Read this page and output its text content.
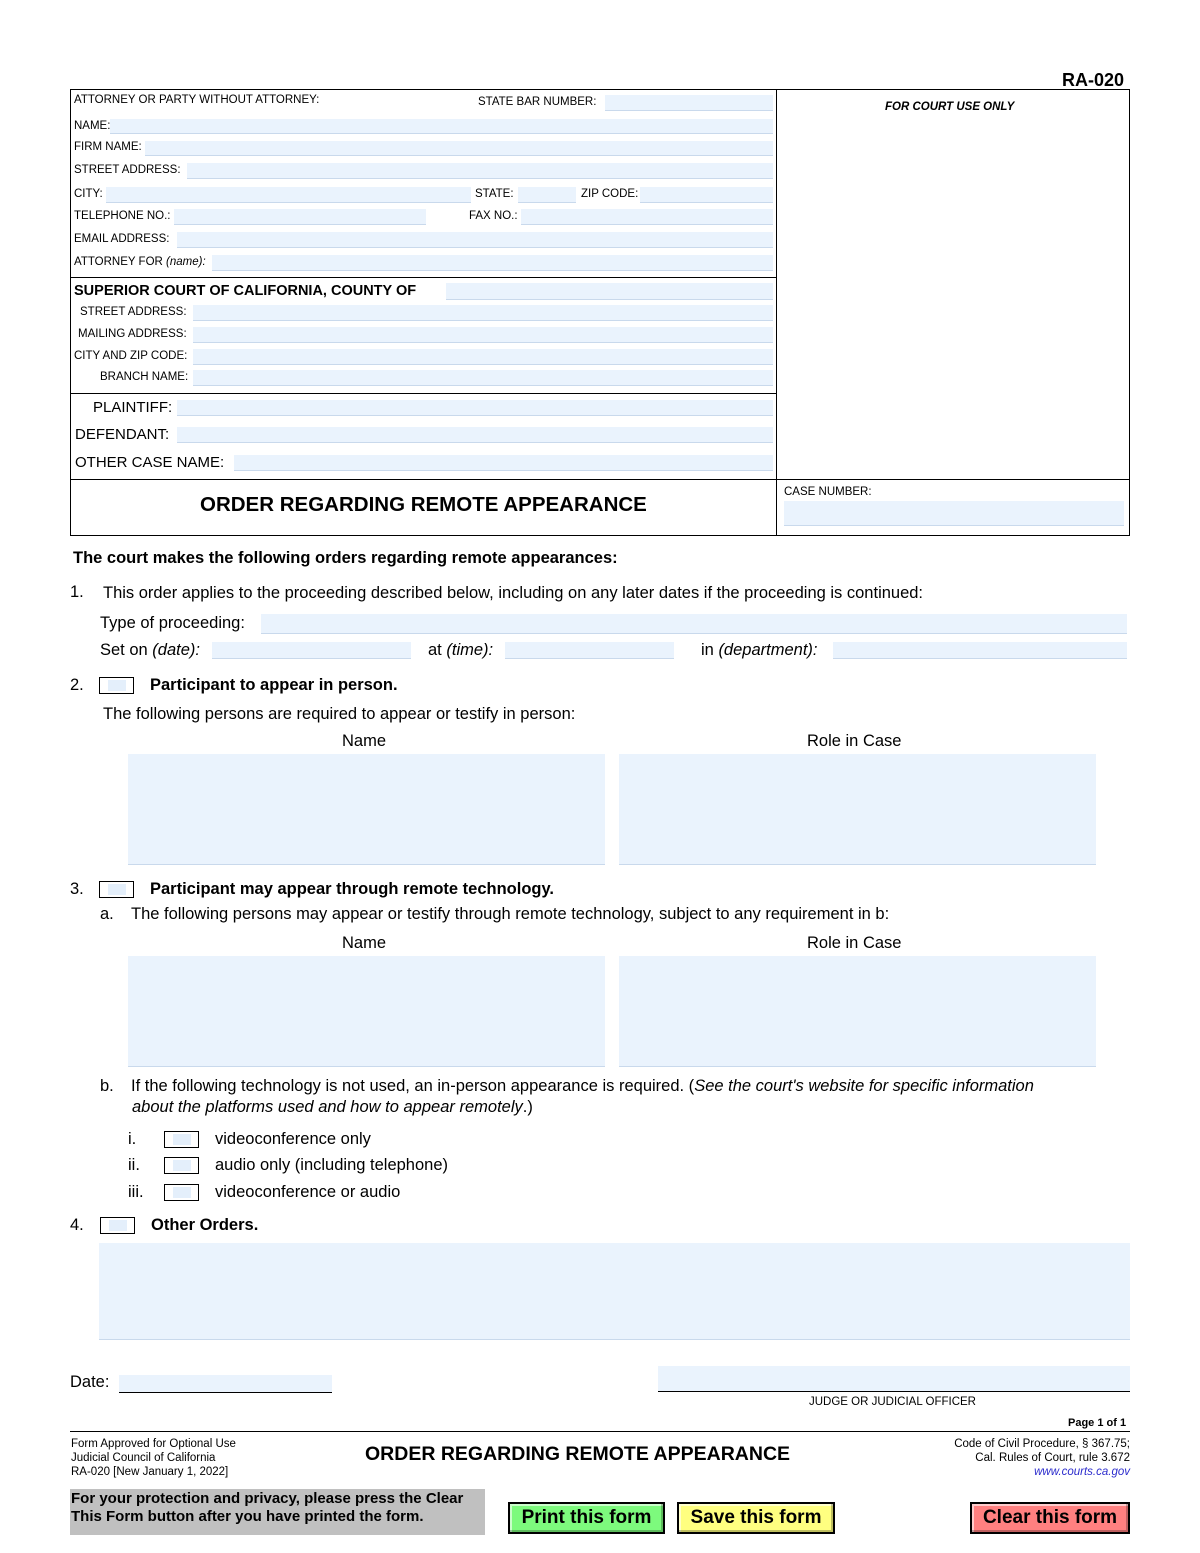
RA-020
FOR COURT USE ONLY
ATTORNEY OR PARTY WITHOUT ATTORNEY:	STATE BAR NUMBER:
NAME:
FIRM NAME:
STREET ADDRESS:
CITY:	STATE:	ZIP CODE:
TELEPHONE NO.:	FAX NO.:
EMAIL ADDRESS:
ATTORNEY FOR (name):
SUPERIOR COURT OF CALIFORNIA, COUNTY OF
STREET ADDRESS:
MAILING ADDRESS:
CITY AND ZIP CODE:
BRANCH NAME:
PLAINTIFF:
DEFENDANT:
OTHER CASE NAME:
ORDER REGARDING REMOTE APPEARANCE
CASE NUMBER:
The court makes the following orders regarding remote appearances:
1. This order applies to the proceeding described below, including on any later dates if the proceeding is continued:
Type of proceeding:
Set on (date):	at (time):	in (department):
2.	Participant to appear in person.
The following persons are required to appear or testify in person:
Name	Role in Case
3.	Participant may appear through remote technology.
a. The following persons may appear or testify through remote technology, subject to any requirement in b:
Name	Role in Case
b. If the following technology is not used, an in-person appearance is required. (See the court's website for specific information
about the platforms used and how to appear remotely.)
i.	videoconference only
ii.	audio only (including telephone)
iii.	videoconference or audio
4.	Other Orders.
Date:
JUDGE OR JUDICIAL OFFICER
Page 1 of 1
Form Approved for Optional Use
Judicial Council of California
RA-020 [New January 1, 2022]
ORDER REGARDING REMOTE APPEARANCE	Code of Civil Procedure, § 367.75;
Cal. Rules of Court, rule 3.672
www.courts.ca.gov
For your protection and privacy, please press the Clear
This Form button after you have printed the form.	Print this form	Save this form	Clear this form
